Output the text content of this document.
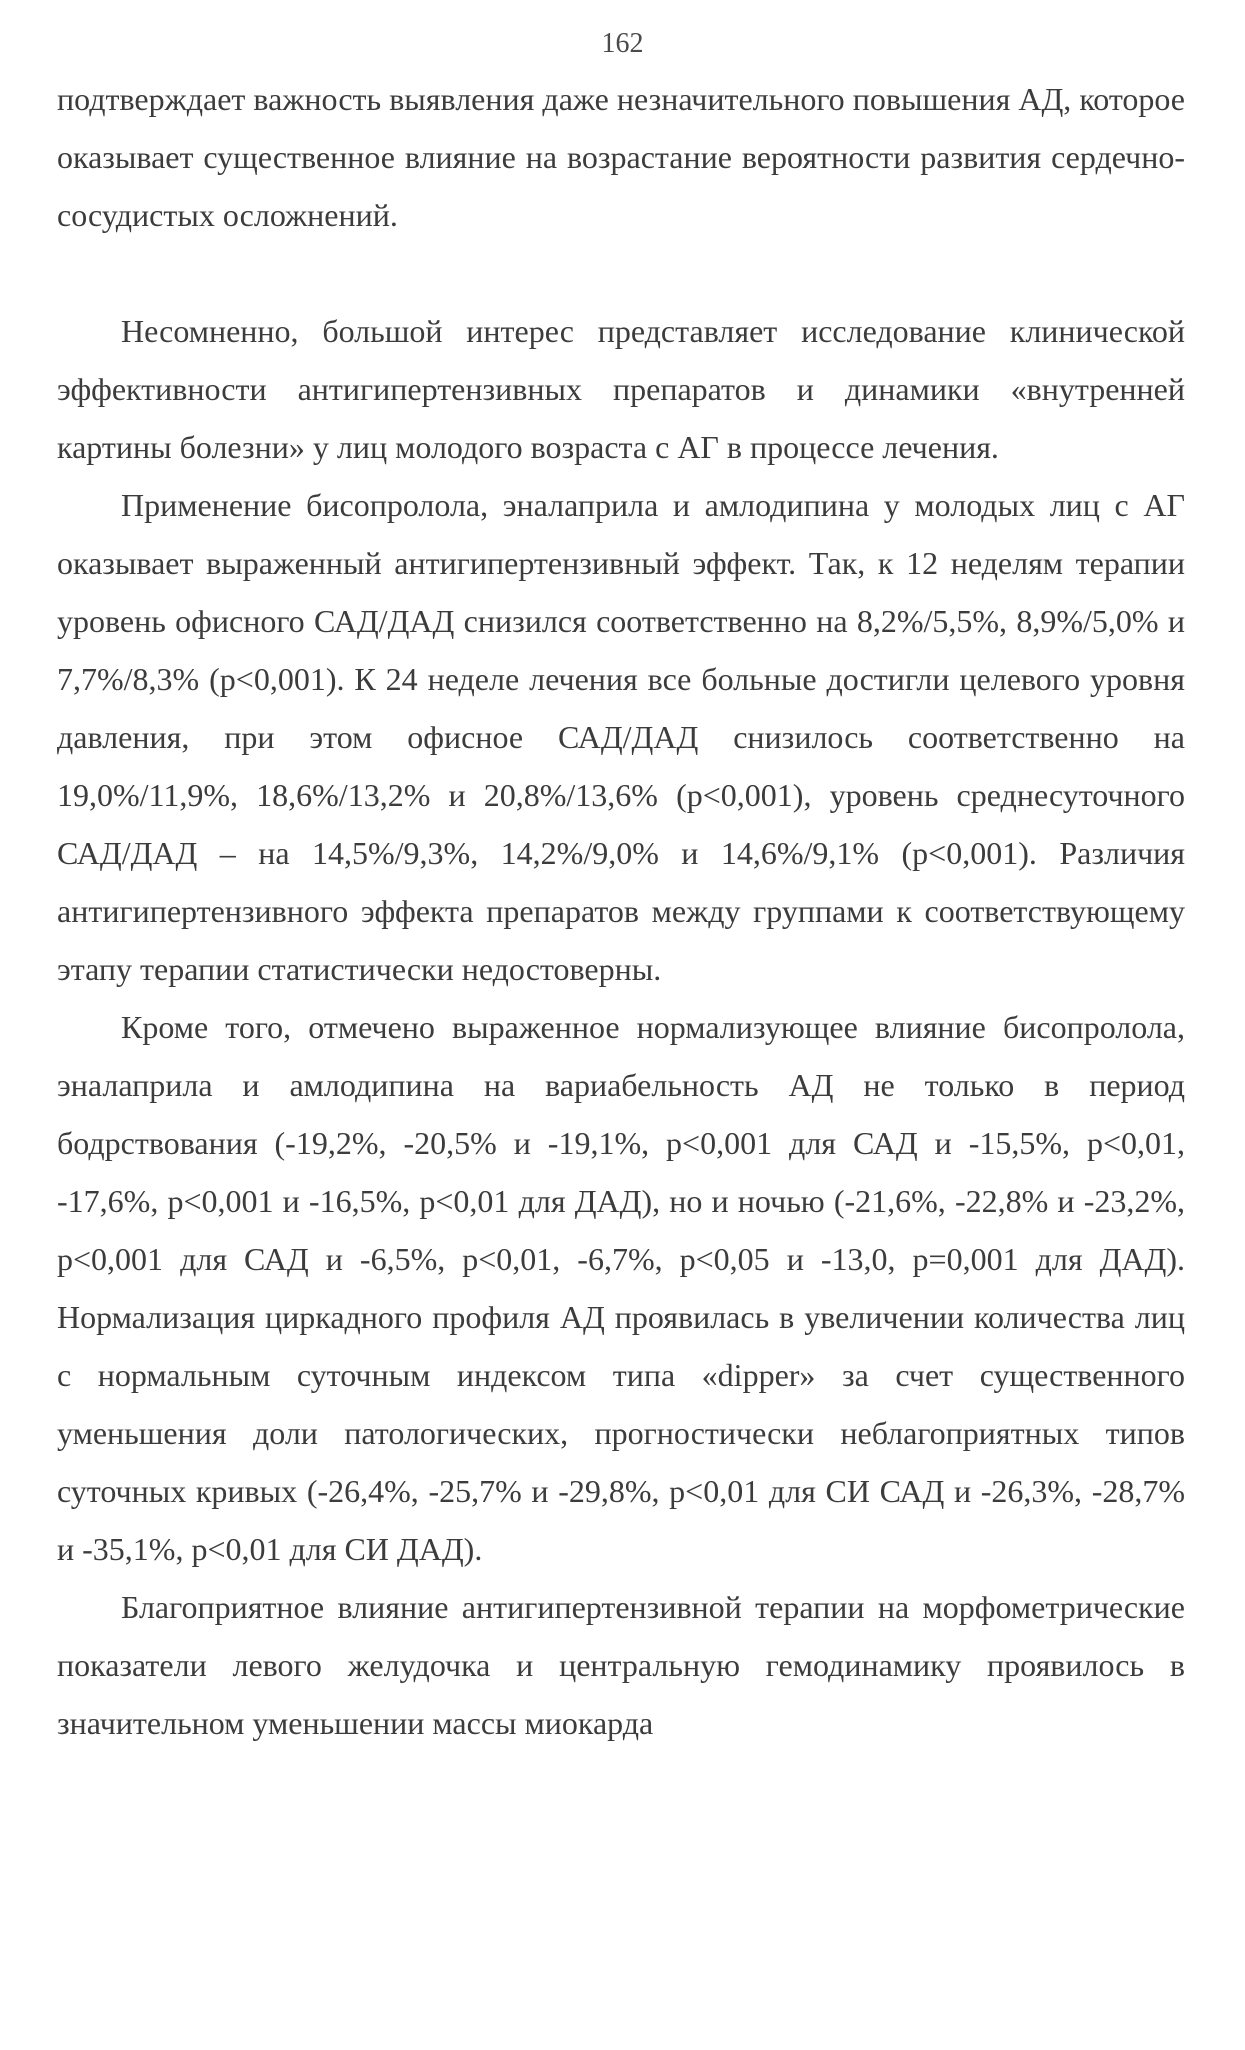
162

подтверждает важность выявления даже незначительного повышения АД, которое оказывает существенное влияние на возрастание вероятности развития сердечно-сосудистых осложнений.

Несомненно, большой интерес представляет исследование клинической эффективности антигипертензивных препаратов и динамики «внутренней картины болезни» у лиц молодого возраста с АГ в процессе лечения.

Применение бисопролола, эналаприла и амлодипина у молодых лиц с АГ оказывает выраженный антигипертензивный эффект. Так, к 12 неделям терапии уровень офисного САД/ДАД снизился соответственно на 8,2%/5,5%, 8,9%/5,0% и 7,7%/8,3% (p<0,001). К 24 неделе лечения все больные достигли целевого уровня давления, при этом офисное САД/ДАД снизилось соответственно на 19,0%/11,9%, 18,6%/13,2% и 20,8%/13,6% (p<0,001), уровень среднесуточного САД/ДАД – на 14,5%/9,3%, 14,2%/9,0% и 14,6%/9,1% (p<0,001). Различия антигипертензивного эффекта препаратов между группами к соответствующему этапу терапии статистически недостоверны.

Кроме того, отмечено выраженное нормализующее влияние бисопролола, эналаприла и амлодипина на вариабельность АД не только в период бодрствования (-19,2%, -20,5% и -19,1%, p<0,001 для САД и -15,5%, p<0,01, -17,6%, p<0,001 и -16,5%, p<0,01 для ДАД), но и ночью (-21,6%, -22,8% и -23,2%, p<0,001 для САД и -6,5%, p<0,01, -6,7%, p<0,05 и -13,0, p=0,001 для ДАД). Нормализация циркадного профиля АД проявилась в увеличении количества лиц с нормальным суточным индексом типа «dipper» за счет существенного уменьшения доли патологических, прогностически неблагоприятных типов суточных кривых (-26,4%, -25,7% и -29,8%, p<0,01 для СИ САД и -26,3%, -28,7% и -35,1%, p<0,01 для СИ ДАД).

Благоприятное влияние антигипертензивной терапии на морфометрические показатели левого желудочка и центральную гемодинамику проявилось в значительном уменьшении массы миокарда
